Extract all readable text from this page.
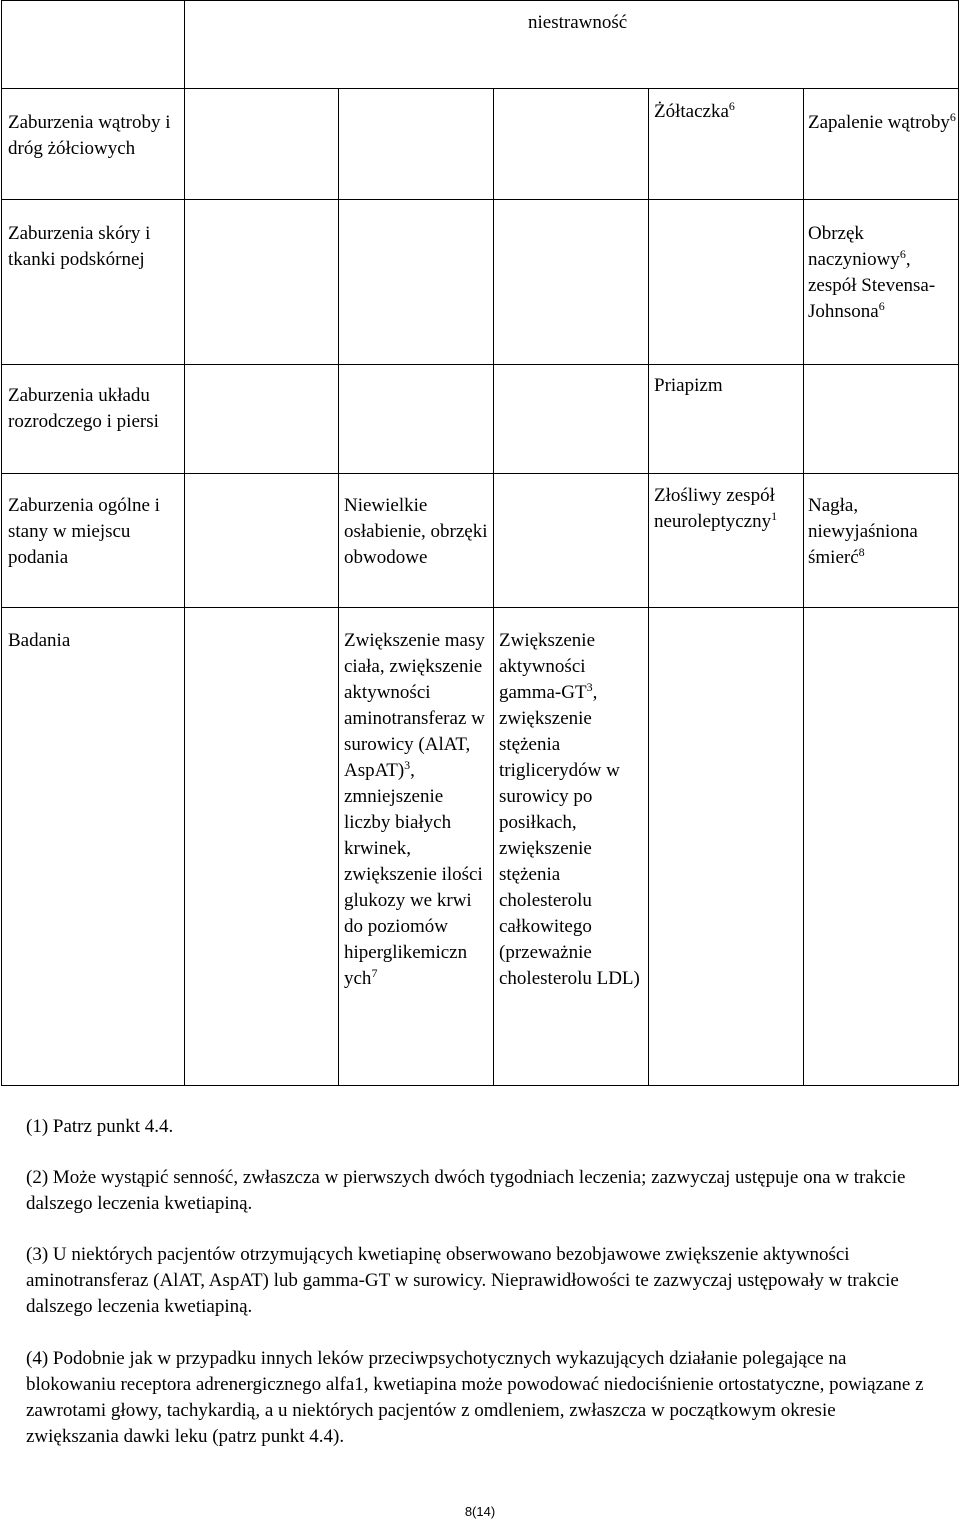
	niestrawność				

Zaburzenia wątroby i dróg żółciowych				Żółtaczka$^6$	Zapalenie wątroby$^6$

Zaburzenia skóry i tkanki podskórnej					Obrzęk naczyniowy$^6$, zespół Stevensa-Johnsona$^6$

Zaburzenia układu rozrodczego i piersi				Priapizm	

Zaburzenia ogólne i stany w miejscu podania		Niewielkie osłabienie, obrzęki obwodowe		Złośliwy zespół neuroleptyczny$^1$	Nagła, niewyjaśniona śmierć$^8$

Badania		Zwiększenie masy ciała, zwiększenie aktywności aminotransferaz w surowicy (AlAT, AspAT)$^3$, zmniejszenie liczby białych krwinek, zwiększenie ilości glukozy we krwi do poziomów hiperglikemiczn ych$^7$	Zwiększenie aktywności gamma-$GT^3$, zwiększenie stężenia triglicerydów w surowicy po posiłkach, zwiększenie stężenia cholesterolu całkowitego (przeważnie cholesterolu LDL)		

(1) Patrz punkt 4.4.

(2) Może wystąpić senność, zwłaszcza w pierwszych dwóch tygodniach leczenia; zazwyczaj ustępuje ona w trakcie dalszego leczenia kwetiapiną.

(3) U niektórych pacjentów otrzymujących kwetiapinę obserwowano bezobjawowe zwiększenie aktywności aminotransferaz (AlAT, AspAT) lub gamma-GT w surowicy. Nieprawidłowości te zazwyczaj ustępowały w trakcie dalszego leczenia kwetiapiną.

(4) Podobnie jak w przypadku innych leków przeciwpsychotycznych wykazujących działanie polegające na blokowaniu receptora adrenergicznego alfa1, kwetiapina może powodować niedociśnienie ortostatyczne, powiązane z zawrotami głowy, tachykardią, a u niektórych pacjentów z omdleniem, zwłaszcza w początkowym okresie zwiększania dawki leku (patrz punkt 4.4).

8(14)
